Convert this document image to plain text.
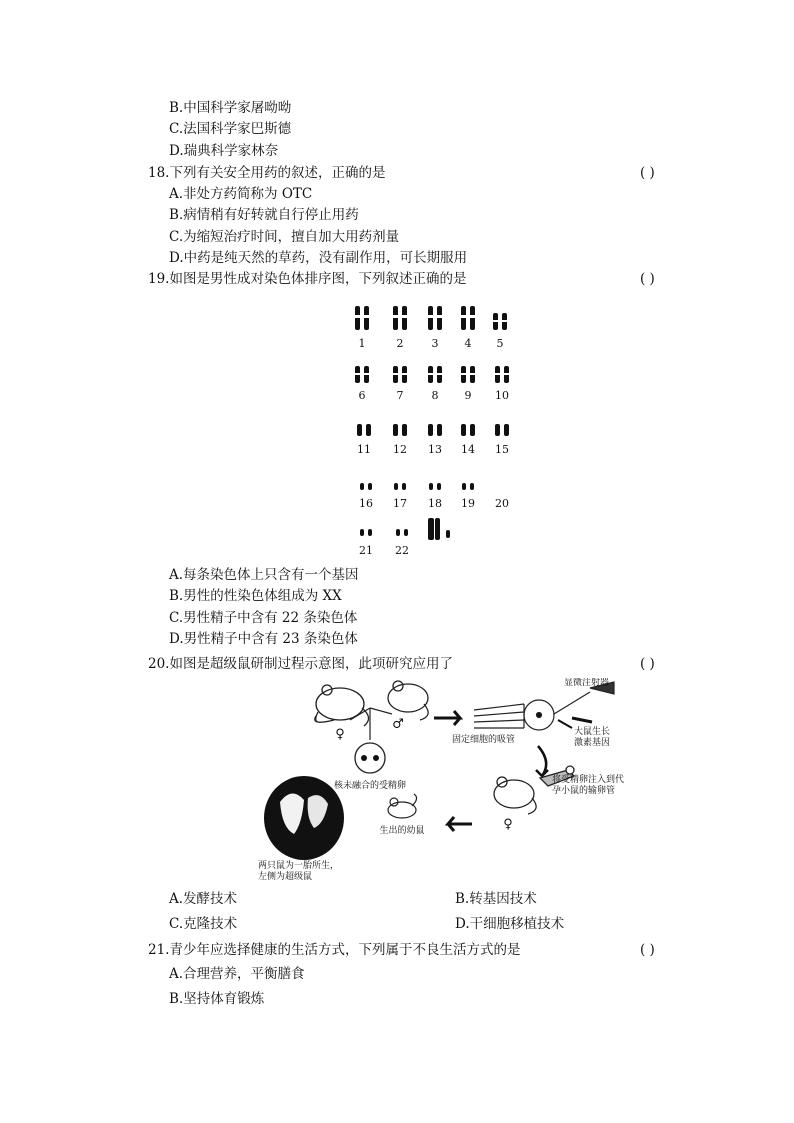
B.中国科学家屠呦呦
C.法国科学家巴斯德
D.瑞典科学家林奈
18.下列有关安全用药的叙述，正确的是	( )
A.非处方药简称为 OTC
B.病情稍有好转就自行停止用药
C.为缩短治疗时间，擅自加大用药剂量
D.中药是纯天然的草药，没有副作用，可长期服用
19.如图是男性成对染色体排序图，下列叙述正确的是	( )
1	2	3 4 5
6	7	8 9 10
11 12 13 14 15
16 17 18 19 20
21 22
A.每条染色体上只含有一个基因
B.男性的性染色体组成为 XX
C.男性精子中含有 22 条染色体
D.男性精子中含有 23 条染色体
20.如图是超级鼠研制过程示意图，此项研究应用了	( )
♀
♂
核未融合的受精卵
显微注射器
大鼠生长
激素基因
固定细胞的吸管
♀
将受精卵注入到代
孕小鼠的输卵管
生出的幼鼠
两只鼠为一胎所生，
左侧为超级鼠
A.发酵技术	B.转基因技术
C.克隆技术	D.干细胞移植技术
21.青少年应选择健康的生活方式，下列属于不良生活方式的是	( )
A.合理营养，平衡膳食
B.坚持体育锻炼
